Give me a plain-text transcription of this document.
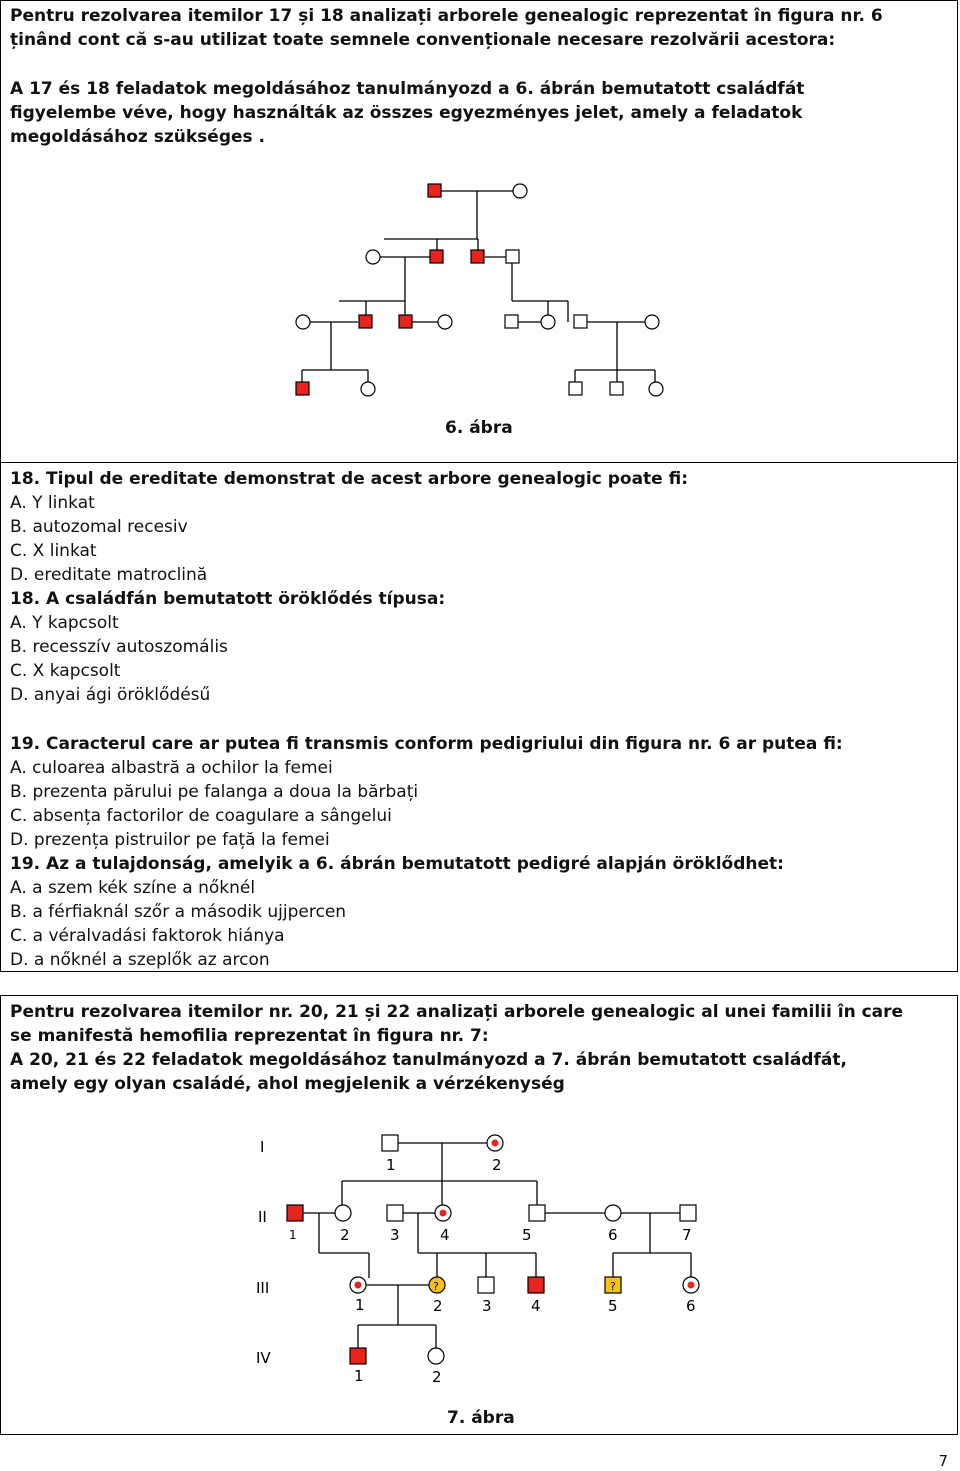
Pentru rezolvarea itemilor 17 și 18 analizați arborele genealogic reprezentat în figura nr. 6
ținând cont că s-au utilizat toate semnele convenționale necesare rezolvării acestora:
A 17 és 18 feladatok megoldásához tanulmányozd a 6. ábrán bemutatott családfát
figyelembe véve, hogy használták az összes egyezményes jelet, amely a feladatok
megoldásához szükséges .
6. ábra
18. Tipul de ereditate demonstrat de acest arbore genealogic poate fi:
A. Y linkat
B. autozomal recesiv
C. X linkat
D. ereditate matroclină
18. A családfán bemutatott öröklődés típusa:
A. Y kapcsolt
B. recesszív autoszomális
C. X kapcsolt
D. anyai ági öröklődésű
19. Caracterul care ar putea fi transmis conform pedigriului din figura nr. 6 ar putea fi:
A. culoarea albastră a ochilor la femei
B. prezenta părului pe falanga a doua la bărbați
C. absența factorilor de coagulare a sângelui
D. prezența pistruilor pe față la femei
19. Az a tulajdonság, amelyik a 6. ábrán bemutatott pedigré alapján öröklődhet:
A. a szem kék színe a nőknél
B. a férfiaknál szőr a második ujjpercen
C. a véralvadási faktorok hiánya
D. a nőknél a szeplők az arcon
Pentru rezolvarea itemilor nr. 20, 21 și 22 analizați arborele genealogic al unei familii în care
se manifestă hemofilia reprezentat în figura nr. 7:
A 20, 21 és 22 feladatok megoldásához tanulmányozd a 7. ábrán bemutatott családfát,
amely egy olyan családé, ahol megjelenik a vérzékenység
?	?
I
II
III
IV
1	2
1	2	3	4	5	6	7
1	2	3	4	5	6
1	2
7. ábra
7
